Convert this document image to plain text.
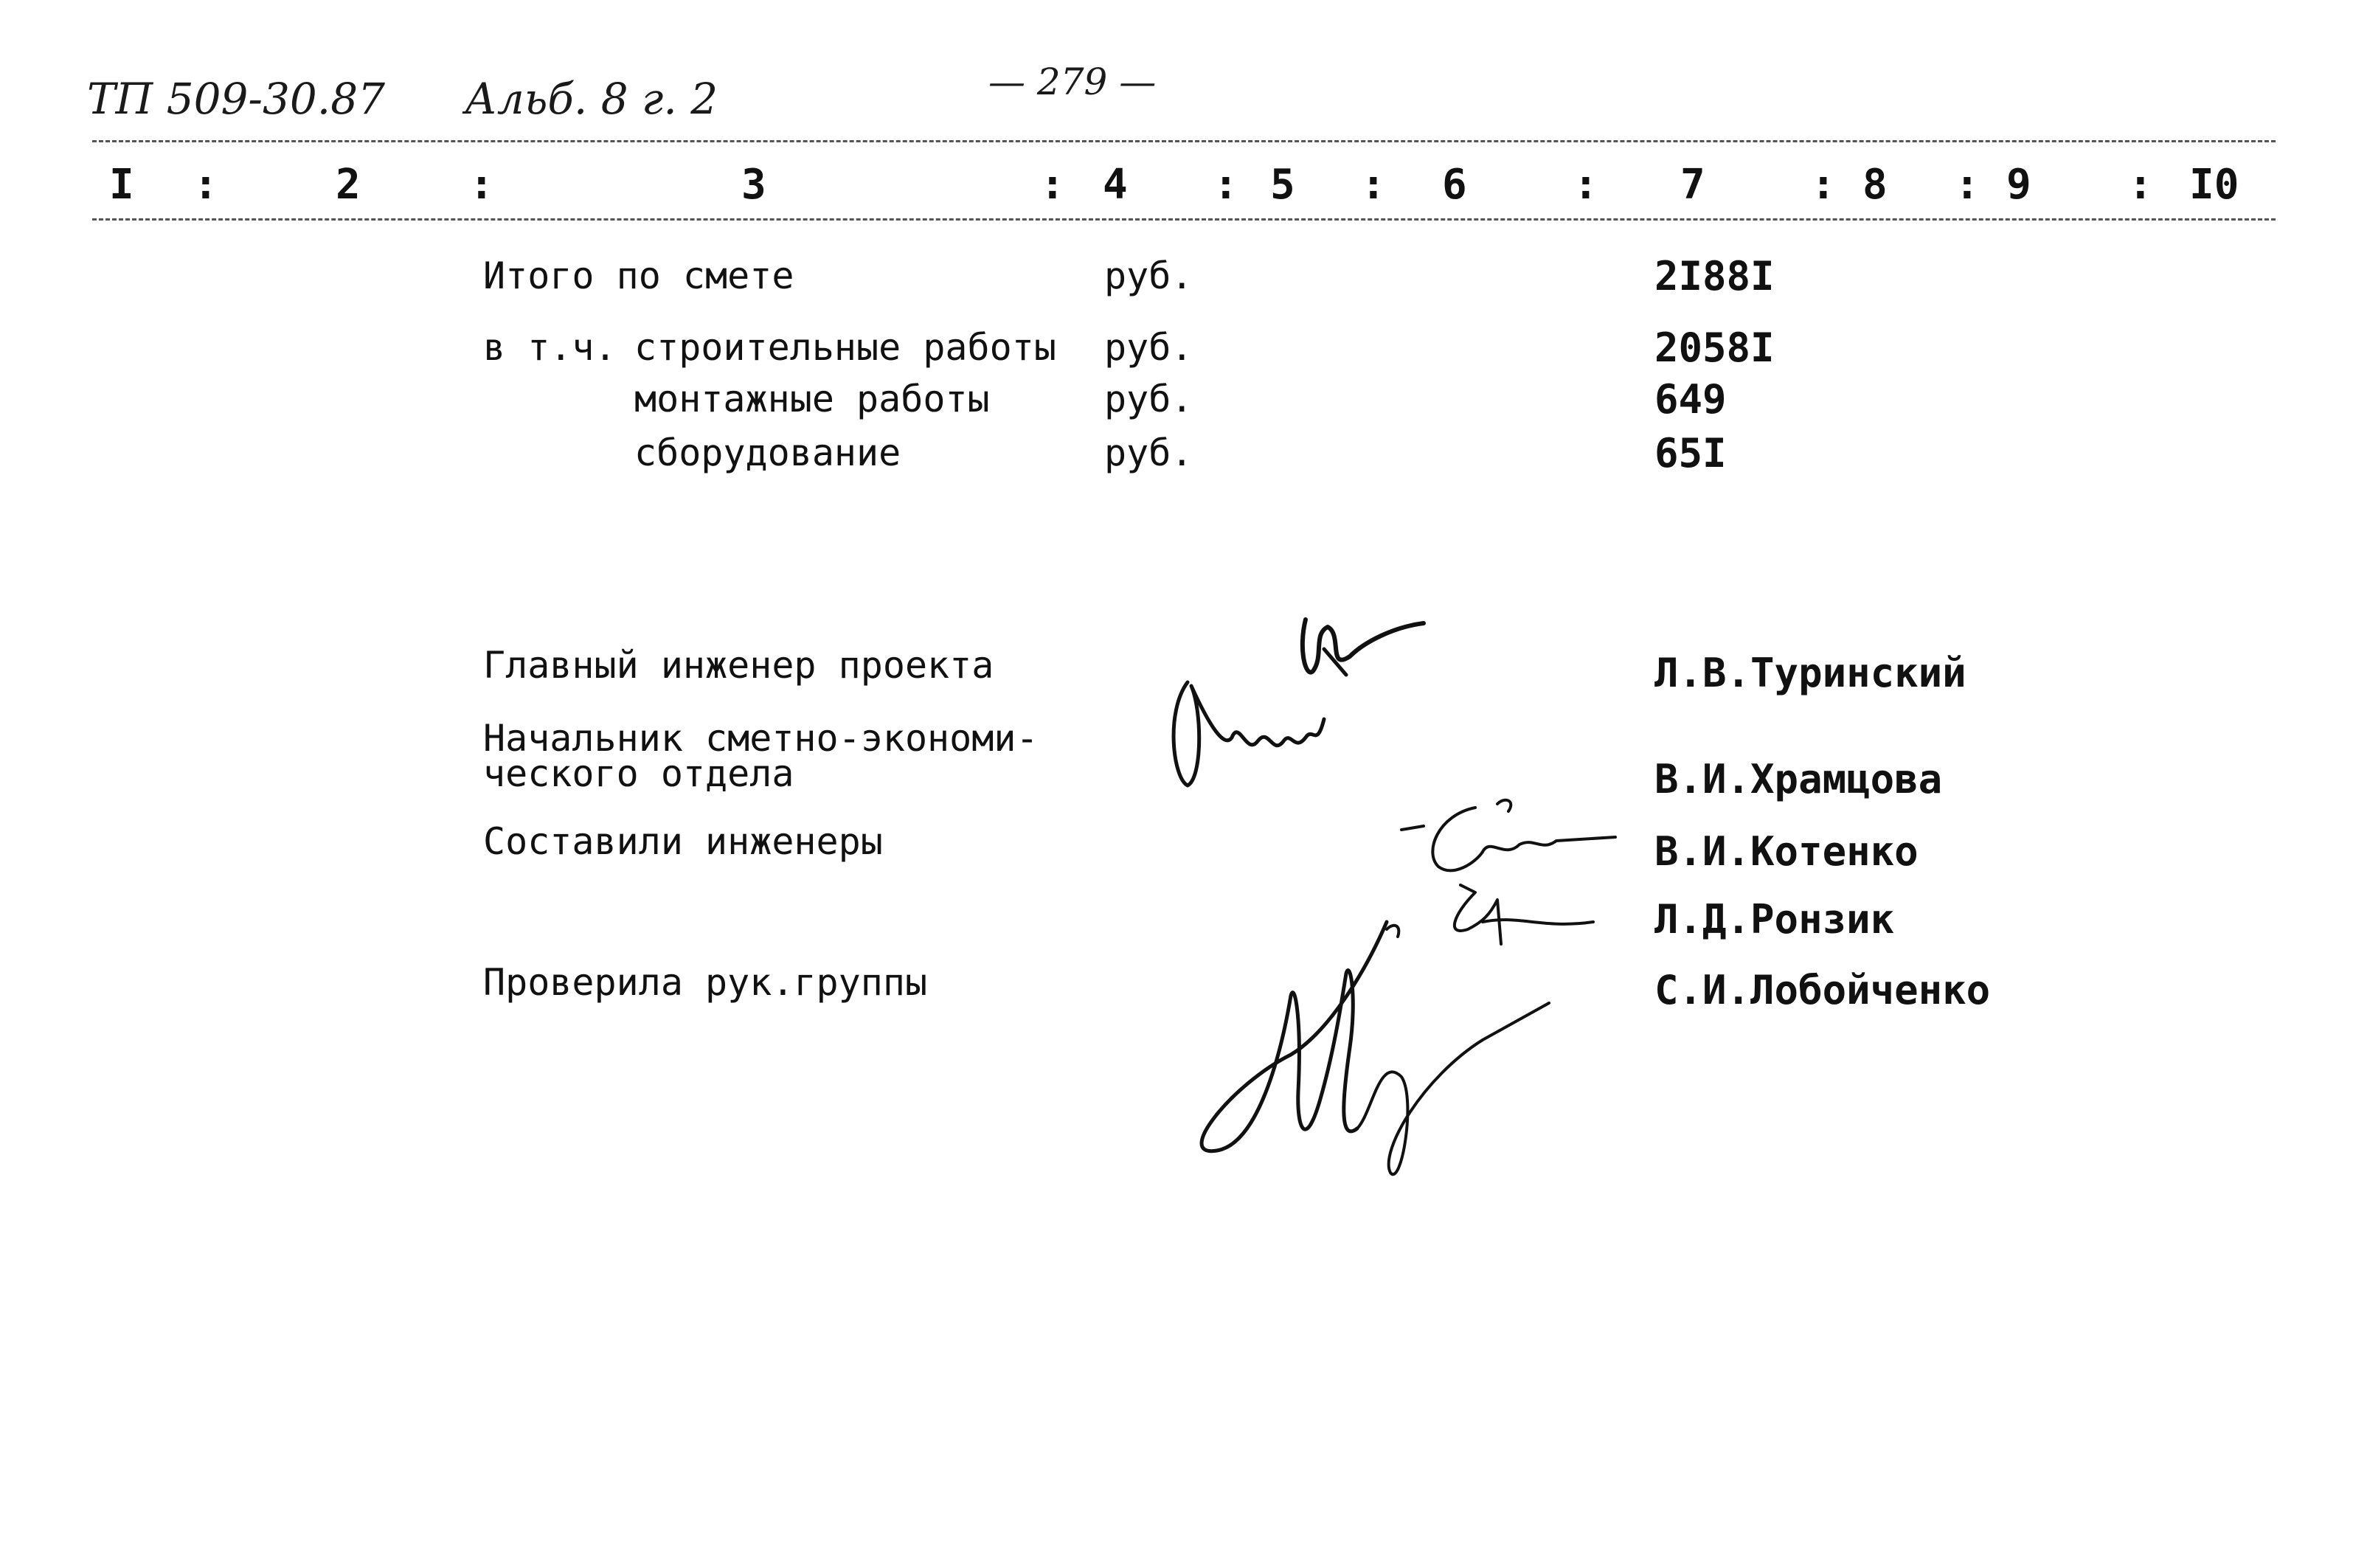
ТП 509-30.87 Альб. 8 г. 2	— 279 —
I :	2	:	3	: 4 : 5 : 6	: 7	: 8 : 9 : I0
Итого по смете	руб.	2I88I
в т.ч. строительные работы руб.	2058I
монтажные работы	руб.	649
сборудование	руб.	65I
Главный инженер проекта	Л.В.Туринский
Начальник сметно-экономи-
ческого отдела	В.И.Храмцова
Составили инженеры	В.И.Котенко
Л.Д.Ронзик
Проверила рук.группы	С.И.Лобойченко
